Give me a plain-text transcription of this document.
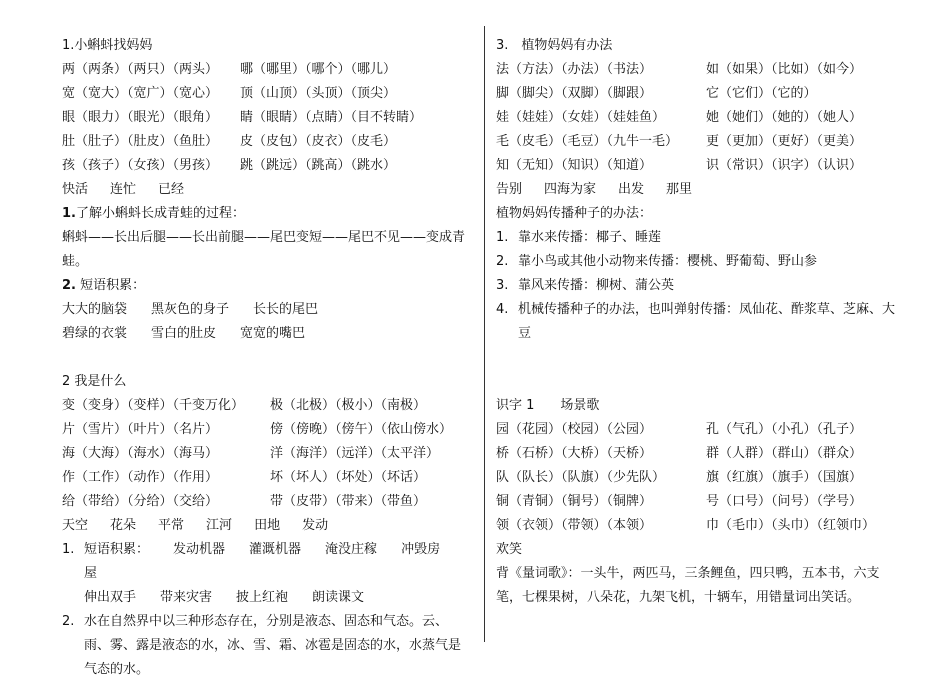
1.小蝌蚪找妈妈
两（两条）（两只）（两头）	哪（哪里）（哪个）（哪儿）
宽（宽大）（宽广）（宽心）	顶（山顶）（头顶）（顶尖）
眼（眼力）（眼光）（眼角）	睛（眼睛）（点睛）（目不转睛）
肚（肚子）（肚皮）（鱼肚）	皮（皮包）（皮衣）（皮毛）
孩（孩子）（女孩）（男孩）	跳（跳远）（跳高）（跳水）
快活 连忙 已经
1.了解小蝌蚪长成青蛙的过程：
蝌蚪——长出后腿——长出前腿——尾巴变短——尾巴不见——变成青蛙。
2. 短语积累：
大大的脑袋 黑灰色的身子 长长的尾巴
碧绿的衣裳 雪白的肚皮 宽宽的嘴巴
2 我是什么
变（变身）（变样）（千变万化）	极（北极）（极小）（南极）
片（雪片）（叶片）（名片）	傍（傍晚）（傍午）（依山傍水）
海（大海）（海水）（海马）	洋（海洋）（远洋）（太平洋）
作（工作）（动作）（作用）	坏（坏人）（坏处）（坏话）
给（带给）（分给）（交给）	带（皮带）（带来）（带鱼）
天空 花朵 平常 江河 田地 发动
1. 短语积累： 发动机器 灌溉机器 淹没庄稼 冲毁房屋
伸出双手 带来灾害 披上红袍 朗读课文
2. 水在自然界中以三种形态存在，分别是液态、固态和气态。云、雨、雾、露是液态的水，冰、雪、霜、冰雹是固态的水，水蒸气是气态的水。
3.　植物妈妈有办法
法（方法）（办法）（书法）	如（如果）（比如）（如今）
脚（脚尖）（双脚）（脚跟）	它（它们）（它的）
娃（娃娃）（女娃）（娃娃鱼）	她（她们）（她的）（她人）
毛（皮毛）（毛豆）（九牛一毛）	更（更加）（更好）（更美）
知（无知）（知识）（知道）	识（常识）（识字）（认识）
告别 四海为家 出发 那里
植物妈妈传播种子的办法：
1. 靠水来传播：椰子、睡莲
2. 靠小鸟或其他小动物来传播：樱桃、野葡萄、野山参
3. 靠风来传播：柳树、蒲公英
4. 机械传播种子的办法，也叫弹射传播：凤仙花、酢浆草、芝麻、大豆
识字 1　　场景歌
园（花园）（校园）（公园）	孔（气孔）（小孔）（孔子）
桥（石桥）（大桥）（天桥）	群（人群）（群山）（群众）
队（队长）（队旗）（少先队）	旗（红旗）（旗手）（国旗）
铜（青铜）（铜号）（铜牌）	号（口号）（问号）（学号）
领（衣领）（带领）（本领）	巾（毛巾）（头巾）（红领巾）
欢笑
背《量词歌》：一头牛，两匹马，三条鲤鱼，四只鸭，五本书，六支笔，七棵果树，八朵花，九架飞机，十辆车，用错量词出笑话。
